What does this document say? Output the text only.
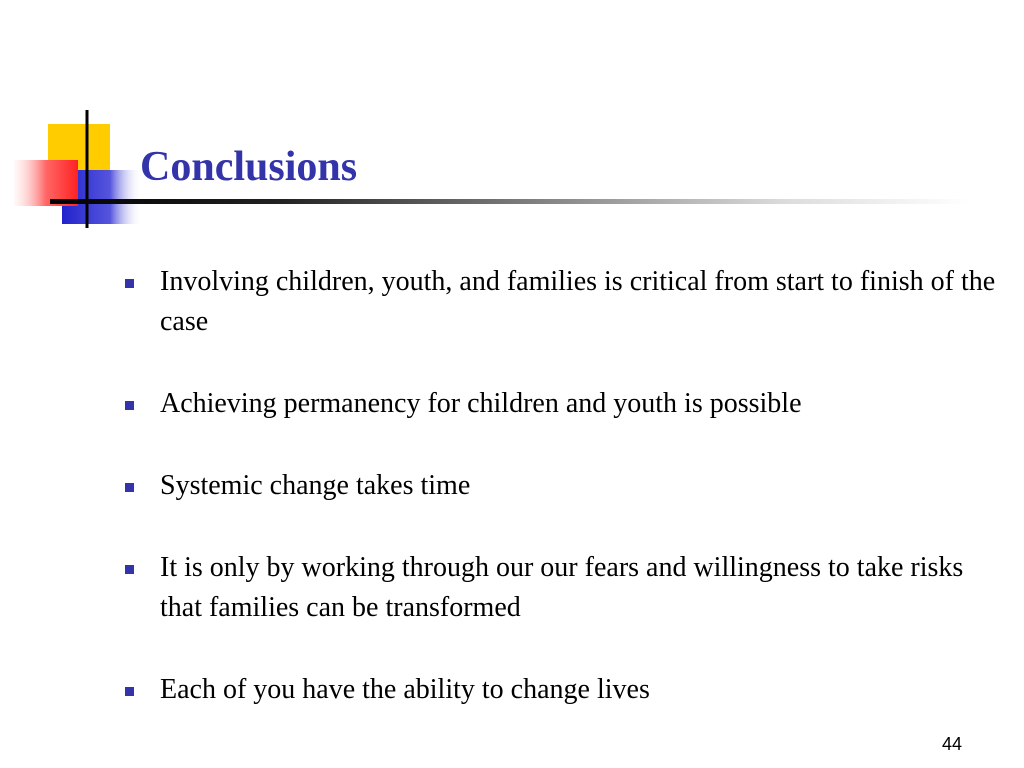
Conclusions
Involving children, youth, and families is critical from start to finish of the case
Achieving permanency for children and youth is possible
Systemic change takes time
It is only by working through our our fears and willingness to take risks that families can be transformed
Each of you have the ability to change lives
44
